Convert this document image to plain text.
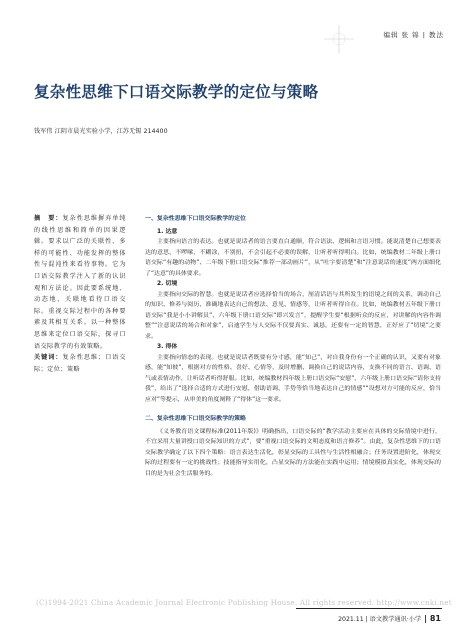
编辑 张 锦 | 教法
复杂性思维下口语交际教学的定位与策略
钱军伟 江阴市晨光实验小学，江苏无锡 214400

摘　要：复杂性思维摒弃单纯的线性思维和简单的因果逻辑。要求以广泛的关联性、多样的可能性、功能发挥的整体性与混沌性来看待事物。它为口语交际教学注入了新的认识观和方法论。因此要系统地、动态地、关联地看待口语交际。重视交际过程中的各种要素及其相互关系。以一种整体思维来定位口语交际，探寻口语交际教学的有效策略。

关键词：复杂性思维；口语交际；定位；策略

一、复杂性思维下口语交际教学的定位

1. 达意

主要指向语言的表达。也就是说话者的语言要直白通顺，符合语法、逻辑和言语习惯。能说清楚自己想要表达的意思，不啰嗦，不糊涂，不别扭，不会引起不必要的误解，让听者听得明白。比如，统编教材二年级上册口语交际“有趣的动物”、二年级下册口语交际“推荐一部动画片”，从“吐字要清楚”和“注意说话的速度”两方面细化了“达意”的具体要求。

2. 切境

主要指向交际的智慧。也就是说话者应选择恰当的场合，厘清话语与其所发生的语境之间的关系，调动自己的知识、修养与阅历，准确地表达自己的想法、意见、情感等，让听者听得自在。比如，统编教材五年级下册口语交际“我是小小讲解员”、六年级下册口语交际“即兴发言”，提醒学生要“根据听众的反应，对讲解的内容作调整”“注意说话的场合和对象”，启迪学生与人交际不仅要真实、诚恳，还要有一定的智慧，正好应了“切境”之要求。

3. 得体

主要指向情态的表现。也就是说话者既要有分寸感，能“知己”，对自我身份有一个正确的认识，又要有对象感，能“知彼”，根据对方的性格、喜好、心情等，及时增删、调换自己的说话内容，支换不同的语言、语调、语气或表情动作，让听话者听得舒服。比如，统编教材四年级上册口语交际“安慰”、六年级上册口语交际“请你支持我”，给出了“选择合适的方式进行安慰，借助语调、手势等恰当地表达自己的情感”“设想对方可能的反应，恰当应对”等提示，从审美的角度阐释了“得体”这一要求。

二、复杂性思维下口语交际教学的策略

《义务教育语文课程标准(2011年版)》明确指出，口语交际的“教学活动主要应在具体的交际情境中进行，不宜采用大量讲授口语交际知识的方式”，要“重视口语交际的文明态度和语言修养”。由此，复杂性思维下的口语交际教学确定了以下四个策略：语言表达生活化，彰显交际的工具性与生活性相融合；任务设置进阶化，体现交际的过程要有一定的挑战性；技能指导实用化，凸显交际的方法能在实践中运用；情境模拟真实化，体现交际的目的是为社会生活服务的。

(C)1994-2021 China Academic Journal Electronic Publishing House. All rights reserved. http://www.cnki.net
2021.11 | 语文教学通讯·小学 | 81
